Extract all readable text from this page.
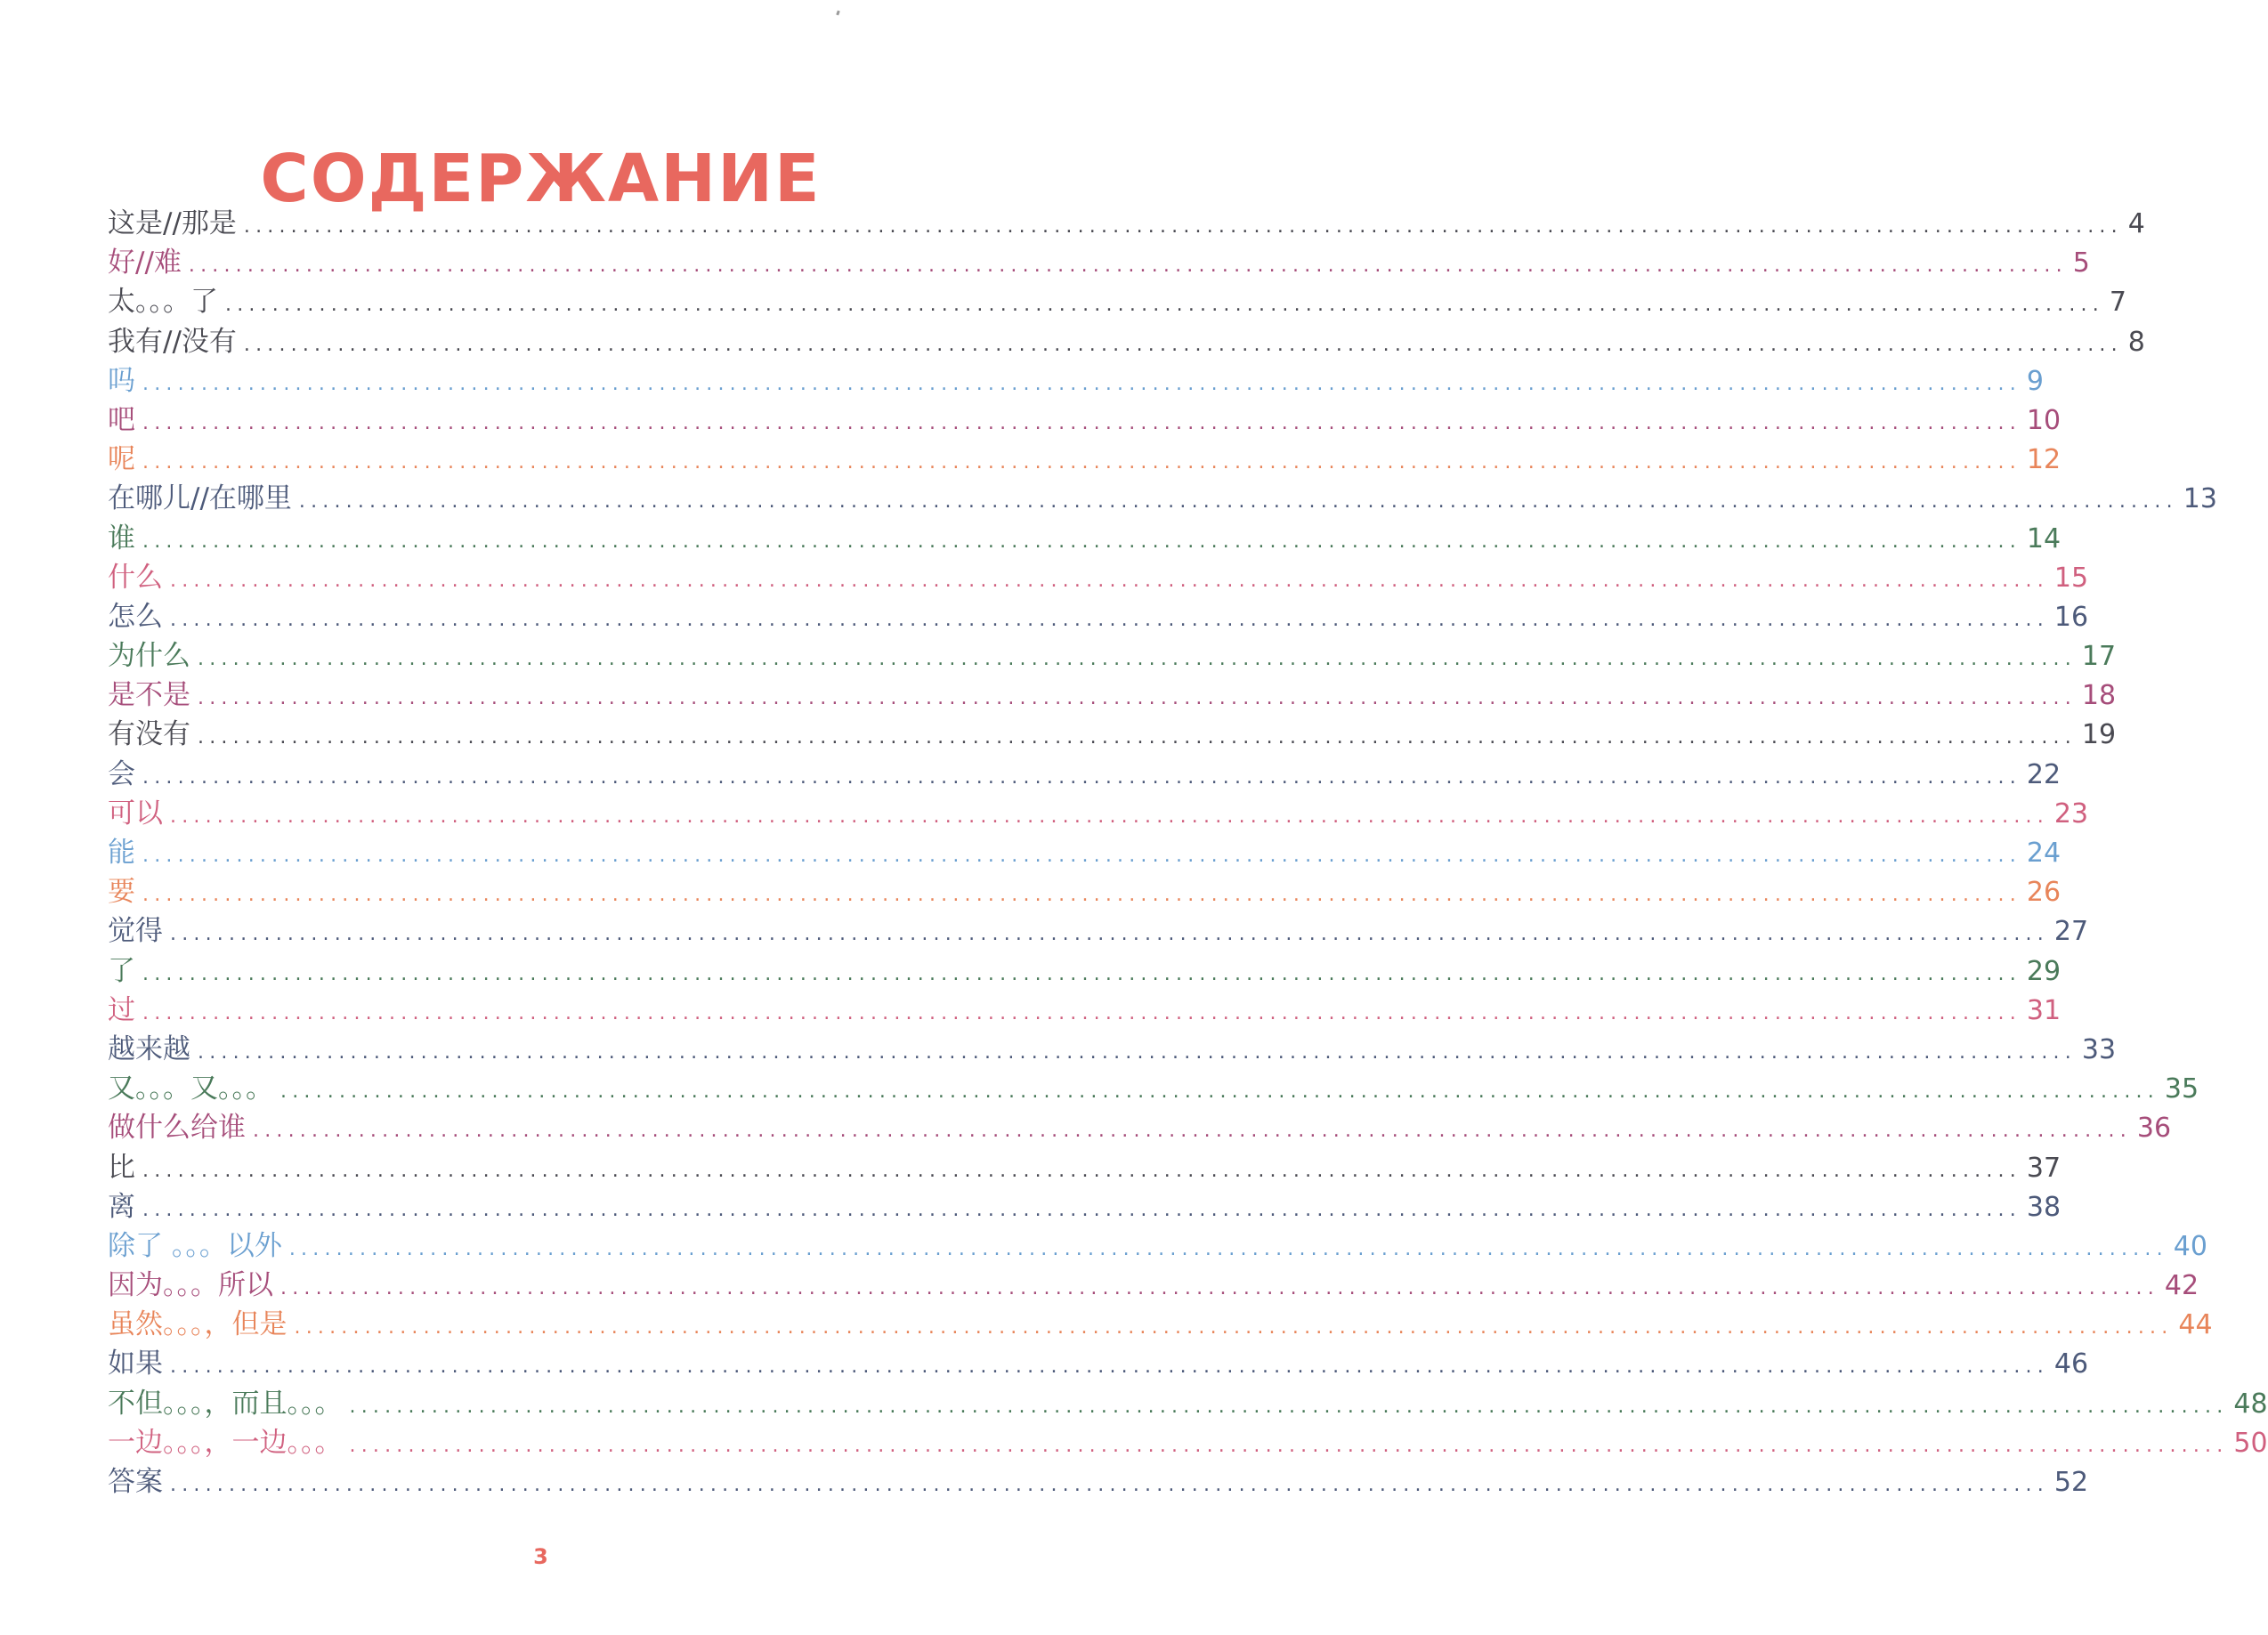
СОДЕРЖАНИЕ
这是//那是 ................................................................................................................................................................ 4
好//难 ................................................................................................................................................................ 5
太。。。了 ................................................................................................................................................................ 7
我有//没有 ................................................................................................................................................................ 8
吗 ................................................................................................................................................................ 9
吧 ................................................................................................................................................................ 10
呢 ................................................................................................................................................................ 12
在哪儿//在哪里 ................................................................................................................................................................ 13
谁 ................................................................................................................................................................ 14
什么 ................................................................................................................................................................ 15
怎么 ................................................................................................................................................................ 16
为什么 ................................................................................................................................................................ 17
是不是 ................................................................................................................................................................ 18
有没有 ................................................................................................................................................................ 19
会 ................................................................................................................................................................ 22
可以 ................................................................................................................................................................ 23
能 ................................................................................................................................................................ 24
要 ................................................................................................................................................................ 26
觉得 ................................................................................................................................................................ 27
了 ................................................................................................................................................................ 29
过 ................................................................................................................................................................ 31
越来越 ................................................................................................................................................................ 33
又。。。又。。。 ................................................................................................................................................................ 35
做什么给谁 ................................................................................................................................................................ 36
比 ................................................................................................................................................................ 37
离 ................................................................................................................................................................ 38
除了 。。。以外 ................................................................................................................................................................ 40
因为。。。所以 ................................................................................................................................................................ 42
虽然。。。，但是 ................................................................................................................................................................ 44
如果 ................................................................................................................................................................ 46
不但。。。，而且。。。 ................................................................................................................................................................ 48
一边。。。，一边。。。 ................................................................................................................................................................ 50
答案 ................................................................................................................................................................ 52
3
